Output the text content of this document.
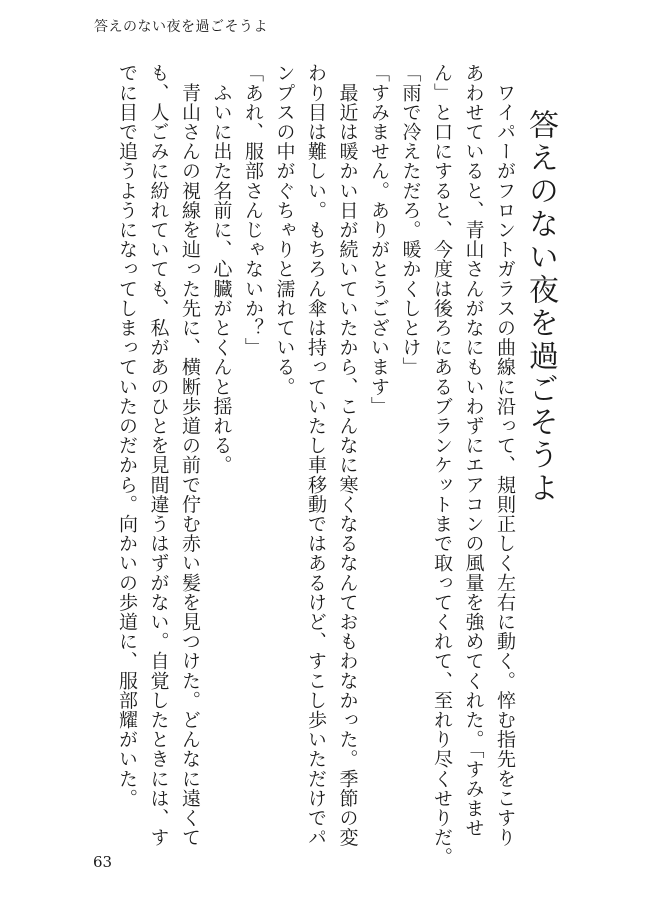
答えのない夜を過ごそうよ
答えのない夜を過ごそうよ

　ワイパーがフロントガラスの曲線に沿って、規則正しく左右に動く。悴む指先をこすり

あわせていると、青山さんがなにもいわずにエアコンの風量を強めてくれた。「すみませ

ん」と口にすると、今度は後ろにあるブランケットまで取ってくれて、至れり尽くせりだ。

「雨で冷えただろ。暖かくしとけ」

「すみません。ありがとうございます」

　最近は暖かい日が続いていたから、こんなに寒くなるなんておもわなかった。季節の変

わり目は難しい。もちろん傘は持っていたし車移動ではあるけど、すこし歩いただけでパ

ンプスの中がぐちゃりと濡れている。

「あれ、服部さんじゃないか？」

　ふいに出た名前に、心臓がとくんと揺れる。

　青山さんの視線を辿った先に、横断歩道の前で佇む赤い髪を見つけた。どんなに遠くて

も、人ごみに紛れていても、私があのひとを見間違うはずがない。自覚したときには、す

でに目で追うようになってしまっていたのだから。向かいの歩道に、服部耀がいた。

63
